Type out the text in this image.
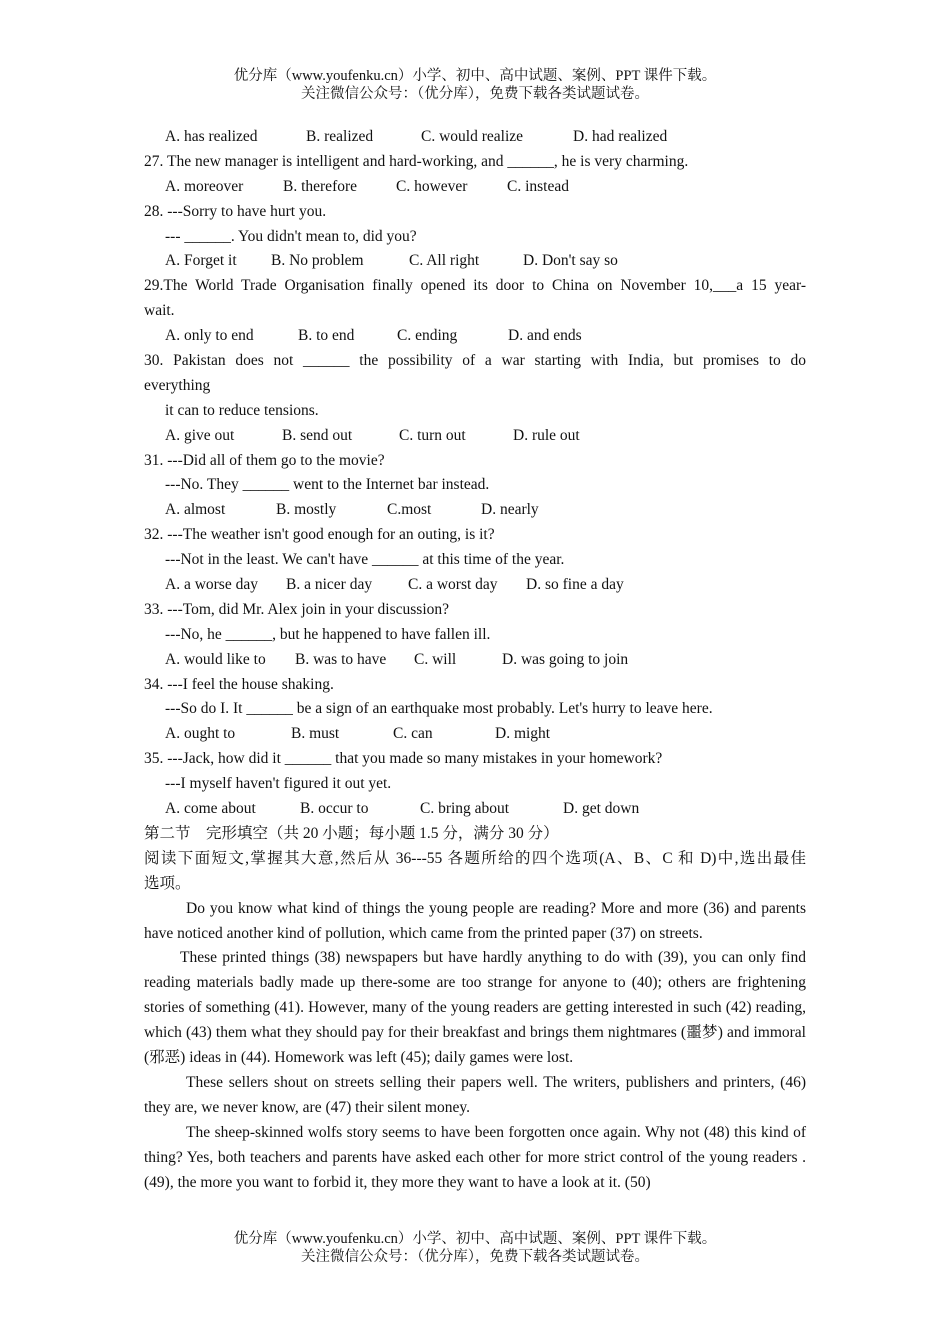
优分库（www.youfenku.cn）小学、初中、高中试题、案例、PPT 课件下载。
关注微信公众号：（优分库），免费下载各类试题试卷。
A. has realized	B. realized	C. would realize	D. had realized
27. The new manager is intelligent and hard-working, and ______, he is very charming.
A. moreover	B. therefore	C. however	C. instead
28. ---Sorry to have hurt you.
--- ______. You didn't mean to, did you?
A. Forget it B. No problem	C. All right	D. Don't say so
29.The World Trade Organisation finally opened its door to China on November 10,___a 15 year-
wait.
A. only to end	B. to end	C. ending	D. and ends
30. Pakistan does not ______ the possibility of a war starting with India, but promises to do
everything
it can to reduce tensions.
A. give out	B. send out	C. turn out	D. rule out
31. ---Did all of them go to the movie?
---No. They ______ went to the Internet bar instead.
A. almost	B. mostly	C.most	D. nearly
32. ---The weather isn't good enough for an outing, is it?
---Not in the least. We can't have ______ at this time of the year.
A. a worse day B. a nicer day C. a worst day D. so fine a day
33. ---Tom, did Mr. Alex join in your discussion?
---No, he ______, but he happened to have fallen ill.
A. would like to B. was to have C. will	D. was going to join
34. ---I feel the house shaking.
---So do I. It ______ be a sign of an earthquake most probably. Let's hurry to leave here.
A. ought to	B. must	C. can	D. might
35. ---Jack, how did it ______ that you made so many mistakes in your homework?
---I myself haven't figured it out yet.
A. come about	B. occur to	C. bring about	D. get down
第二节　完形填空（共 20 小题；每小题 1.5 分，满分 30 分）
阅读下面短文,掌握其大意,然后从 36---55 各题所给的四个选项(A、B、C 和 D)中,选出最佳
选项。
Do you know what kind of things the young people are reading? More and more (36) and parents have noticed another kind of pollution, which came from the printed paper (37) on streets.
These printed things (38) newspapers but have hardly anything to do with (39), you can only find reading materials badly made up there-some are too strange for anyone to (40); others are frightening stories of something (41). However, many of the young readers are getting interested in such (42) reading, which (43) them what they should pay for their breakfast and brings them nightmares (噩梦) and immoral (邪恶) ideas in (44). Homework was left (45); daily games were lost.
These sellers shout on streets selling their papers well. The writers, publishers and printers, (46) they are, we never know, are (47) their silent money.
The sheep-skinned wolfs story seems to have been forgotten once again. Why not (48) this kind of thing? Yes, both teachers and parents have asked each other for more strict control of the young readers . (49), the more you want to forbid it, they more they want to have a look at it. (50)
优分库（www.youfenku.cn）小学、初中、高中试题、案例、PPT 课件下载。
关注微信公众号：（优分库），免费下载各类试题试卷。
